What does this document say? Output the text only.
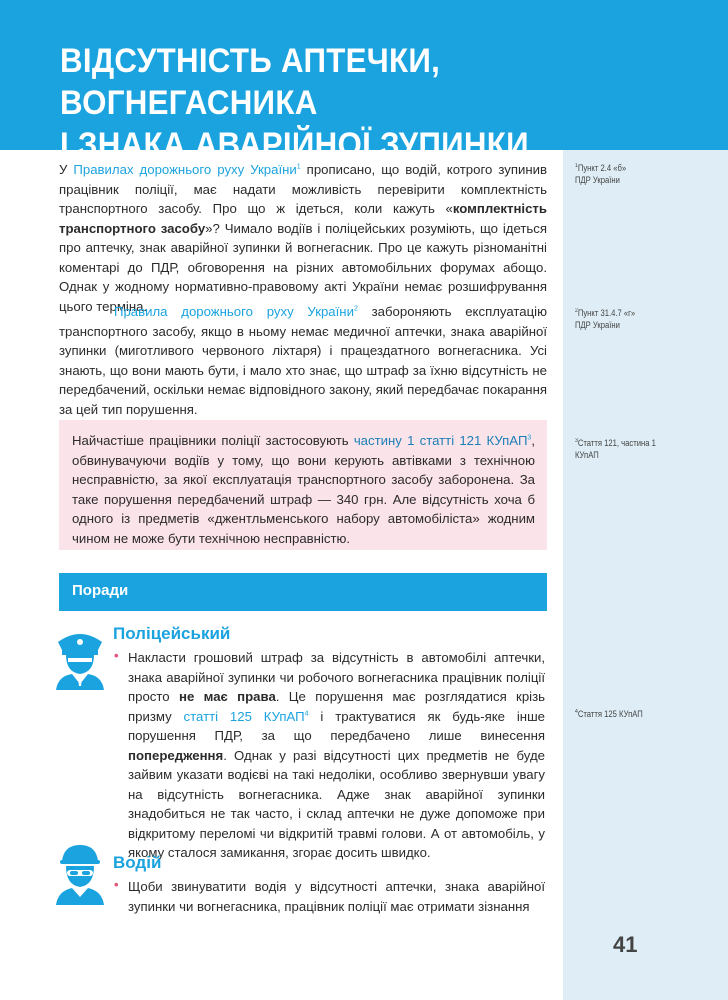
ВІДСУТНІСТЬ АПТЕЧКИ, ВОГНЕГАСНИКА
І ЗНАКА АВАРІЙНОЇ ЗУПИНКИ
$^1$Пункт 2.4 «б»
ПДР України
$^2$Пункт 31.4.7 «г»
ПДР України
$^3$Стаття 121, частина 1
КУпАП
$^4$Стаття 125 КУпАП
41

У Правилах дорожнього руху України$^1$ прописано, що водій, котрого зупинив працівник поліції, має надати можливість перевірити комплектність транспортного засобу. Про що ж ідеться, коли кажуть «комплектність транспортного засобу»? Чимало водіїв і поліцейських розуміють, що ідеться про аптечку, знак аварійної зупинки й вогнегасник. Про це кажуть різноманітні коментарі до ПДР, обговорення на різних автомобільних форумах абощо. Однак у жодному нормативно-правовому акті України немає розшифрування цього терміна.

Правила дорожнього руху України$^2$ забороняють експлуатацію транспортного засобу, якщо в ньому немає медичної аптечки, знака аварійної зупинки (миготливого червоного ліхтаря) і працездатного вогнегасника. Усі знають, що вони мають бути, і мало хто знає, що штраф за їхню відсутність не передбачений, оскільки немає відповідного закону, який передбачає покарання за цей тип порушення.

Найчастіше працівники поліції застосовують частину 1 статті 121 КУпАП$^3$, обвинувачуючи водіїв у тому, що вони керують автівками з технічною несправністю, за якої експлуатація транспортного засобу заборонена. За таке порушення передбачений штраф — 340 грн. Але відсутність хоча б одного із предметів «джентльменського набору автомобіліста» жодним чином не може бути технічною несправністю.
Поради
Поліцейський
• Накласти грошовий штраф за відсутність в автомобілі аптечки, знака аварійної зупинки чи робочого вогнегасника працівник поліції просто не має права. Це порушення має розглядатися крізь призму статті 125 КУпАП$^4$ і трактуватися як будь-яке інше порушення ПДР, за що передбачено лише винесення попередження. Однак у разі відсутності цих предметів не буде зайвим указати водієві на такі недоліки, особливо звернувши увагу на відсутність вогнегасника. Адже знак аварійної зупинки знадобиться не так часто, і склад аптечки не дуже допоможе при відкритому переломі чи відкритій травмі голови. А от автомобіль, у якому сталося замикання, згорає досить швидко.
Водій
• Щоби звинуватити водія у відсутності аптечки, знака аварійної зупинки чи вогнегасника, працівник поліції має отримати зізнання
